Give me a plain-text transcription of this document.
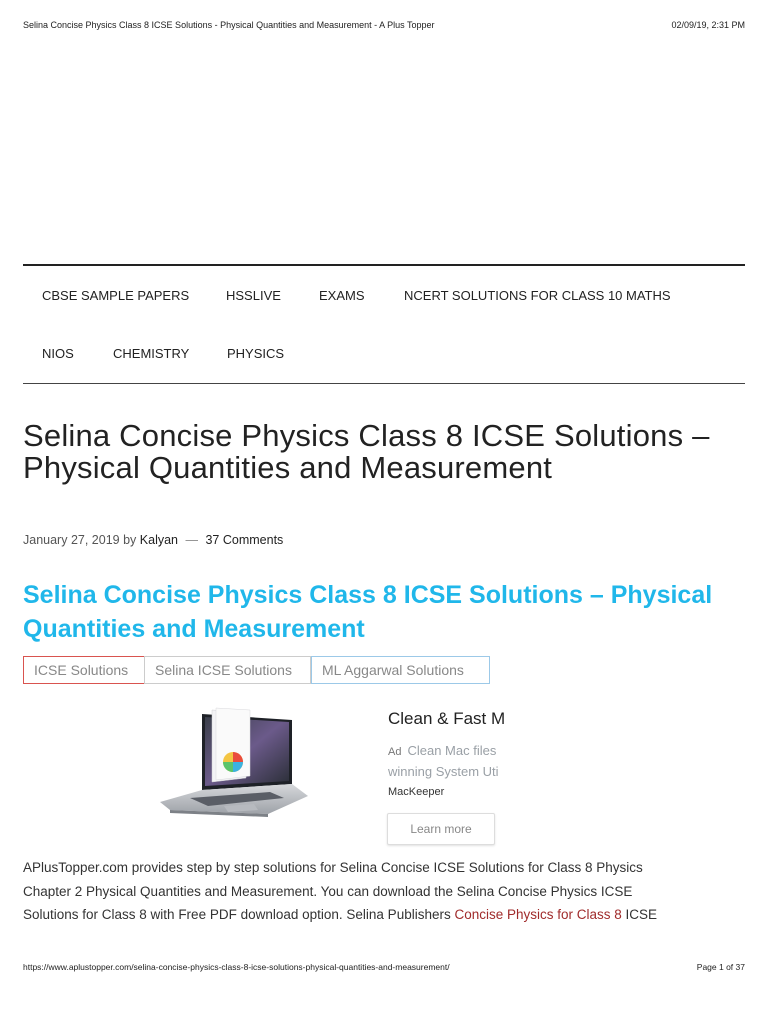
Selina Concise Physics Class 8 ICSE Solutions - Physical Quantities and Measurement - A Plus Topper	02/09/19, 2:31 PM
CBSE SAMPLE PAPERS	HSSLIVE	EXAMS	NCERT SOLUTIONS FOR CLASS 10 MATHS
NIOS	CHEMISTRY	PHYSICS
Selina Concise Physics Class 8 ICSE Solutions – Physical Quantities and Measurement
January 27, 2019 by Kalyan — 37 Comments
Selina Concise Physics Class 8 ICSE Solutions – Physical Quantities and Measurement
ICSE Solutions	Selina ICSE Solutions	ML Aggarwal Solutions
Clean & Fast M
Ad Clean Mac files
winning System Uti
MacKeeper
Learn more
APlusTopper.com provides step by step solutions for Selina Concise ICSE Solutions for Class 8 Physics
Chapter 2 Physical Quantities and Measurement. You can download the Selina Concise Physics ICSE
Solutions for Class 8 with Free PDF download option. Selina Publishers Concise Physics for Class 8 ICSE
https://www.aplustopper.com/selina-concise-physics-class-8-icse-solutions-physical-quantities-and-measurement/	Page 1 of 37
